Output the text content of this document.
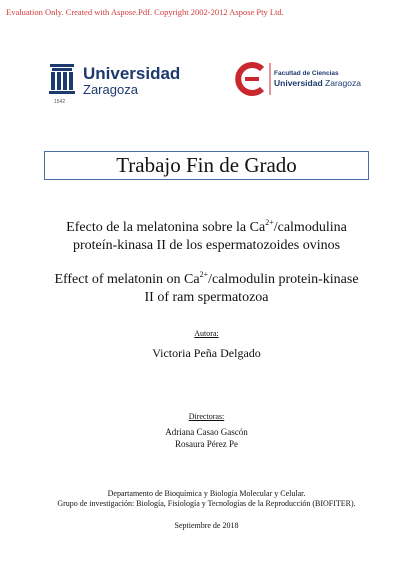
Evaluation Only. Created with Aspose.Pdf. Copyright 2002-2012 Aspose Pty Ltd.
Universidad
Zaragoza
1542
Facultad de Ciencias
Universidad Zaragoza
Trabajo Fin de Grado
Efecto de la melatonina sobre la $Ca^{2+}$/calmodulina
proteín-kinasa II de los espermatozoides ovinos
Effect of melatonin on $Ca^{2+}$/calmodulin protein-kinase
II of ram spermatozoa
Autora:
Victoria Peña Delgado
Directoras:
Adriana Casao Gascón
Rosaura Pérez Pe
Departamento de Bioquímica y Biología Molecular y Celular.
Grupo de investigación: Biología, Fisiología y Tecnologías de la Reproducción (BIOFITER).
Septiembre de 2018
